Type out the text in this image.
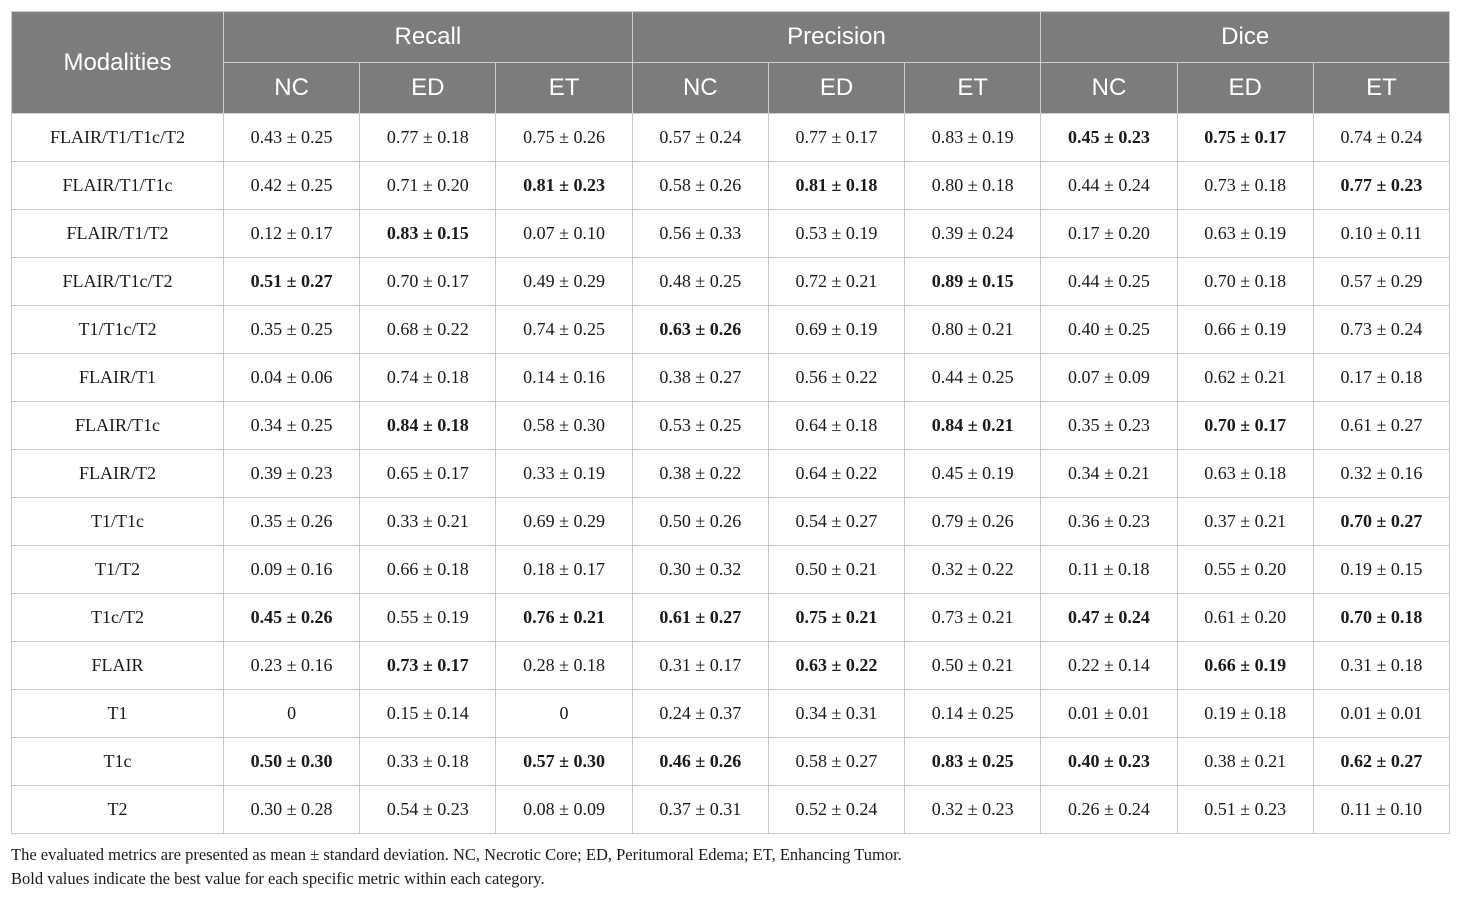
Modalities	Recall			Precision			Dice		
	NC	ED	ET	NC	ED	ET	NC	ED	ET
FLAIR/T1/T1c/T2	0.43 ± 0.25	0.77 ± 0.18	0.75 ± 0.26	0.57 ± 0.24	0.77 ± 0.17	0.83 ± 0.19	0.45 ± 0.23	0.75 ± 0.17	0.74 ± 0.24
FLAIR/T1/T1c	0.42 ± 0.25	0.71 ± 0.20	0.81 ± 0.23	0.58 ± 0.26	0.81 ± 0.18	0.80 ± 0.18	0.44 ± 0.24	0.73 ± 0.18	0.77 ± 0.23
FLAIR/T1/T2	0.12 ± 0.17	0.83 ± 0.15	0.07 ± 0.10	0.56 ± 0.33	0.53 ± 0.19	0.39 ± 0.24	0.17 ± 0.20	0.63 ± 0.19	0.10 ± 0.11
FLAIR/T1c/T2	0.51 ± 0.27	0.70 ± 0.17	0.49 ± 0.29	0.48 ± 0.25	0.72 ± 0.21	0.89 ± 0.15	0.44 ± 0.25	0.70 ± 0.18	0.57 ± 0.29
T1/T1c/T2	0.35 ± 0.25	0.68 ± 0.22	0.74 ± 0.25	0.63 ± 0.26	0.69 ± 0.19	0.80 ± 0.21	0.40 ± 0.25	0.66 ± 0.19	0.73 ± 0.24
FLAIR/T1	0.04 ± 0.06	0.74 ± 0.18	0.14 ± 0.16	0.38 ± 0.27	0.56 ± 0.22	0.44 ± 0.25	0.07 ± 0.09	0.62 ± 0.21	0.17 ± 0.18
FLAIR/T1c	0.34 ± 0.25	0.84 ± 0.18	0.58 ± 0.30	0.53 ± 0.25	0.64 ± 0.18	0.84 ± 0.21	0.35 ± 0.23	0.70 ± 0.17	0.61 ± 0.27
FLAIR/T2	0.39 ± 0.23	0.65 ± 0.17	0.33 ± 0.19	0.38 ± 0.22	0.64 ± 0.22	0.45 ± 0.19	0.34 ± 0.21	0.63 ± 0.18	0.32 ± 0.16
T1/T1c	0.35 ± 0.26	0.33 ± 0.21	0.69 ± 0.29	0.50 ± 0.26	0.54 ± 0.27	0.79 ± 0.26	0.36 ± 0.23	0.37 ± 0.21	0.70 ± 0.27
T1/T2	0.09 ± 0.16	0.66 ± 0.18	0.18 ± 0.17	0.30 ± 0.32	0.50 ± 0.21	0.32 ± 0.22	0.11 ± 0.18	0.55 ± 0.20	0.19 ± 0.15
T1c/T2	0.45 ± 0.26	0.55 ± 0.19	0.76 ± 0.21	0.61 ± 0.27	0.75 ± 0.21	0.73 ± 0.21	0.47 ± 0.24	0.61 ± 0.20	0.70 ± 0.18
FLAIR	0.23 ± 0.16	0.73 ± 0.17	0.28 ± 0.18	0.31 ± 0.17	0.63 ± 0.22	0.50 ± 0.21	0.22 ± 0.14	0.66 ± 0.19	0.31 ± 0.18
T1	0	0.15 ± 0.14	0	0.24 ± 0.37	0.34 ± 0.31	0.14 ± 0.25	0.01 ± 0.01	0.19 ± 0.18	0.01 ± 0.01
T1c	0.50 ± 0.30	0.33 ± 0.18	0.57 ± 0.30	0.46 ± 0.26	0.58 ± 0.27	0.83 ± 0.25	0.40 ± 0.23	0.38 ± 0.21	0.62 ± 0.27
T2	0.30 ± 0.28	0.54 ± 0.23	0.08 ± 0.09	0.37 ± 0.31	0.52 ± 0.24	0.32 ± 0.23	0.26 ± 0.24	0.51 ± 0.23	0.11 ± 0.10
The evaluated metrics are presented as mean ± standard deviation. NC, Necrotic Core; ED, Peritumoral Edema; ET, Enhancing Tumor.
Bold values indicate the best value for each specific metric within each category.
